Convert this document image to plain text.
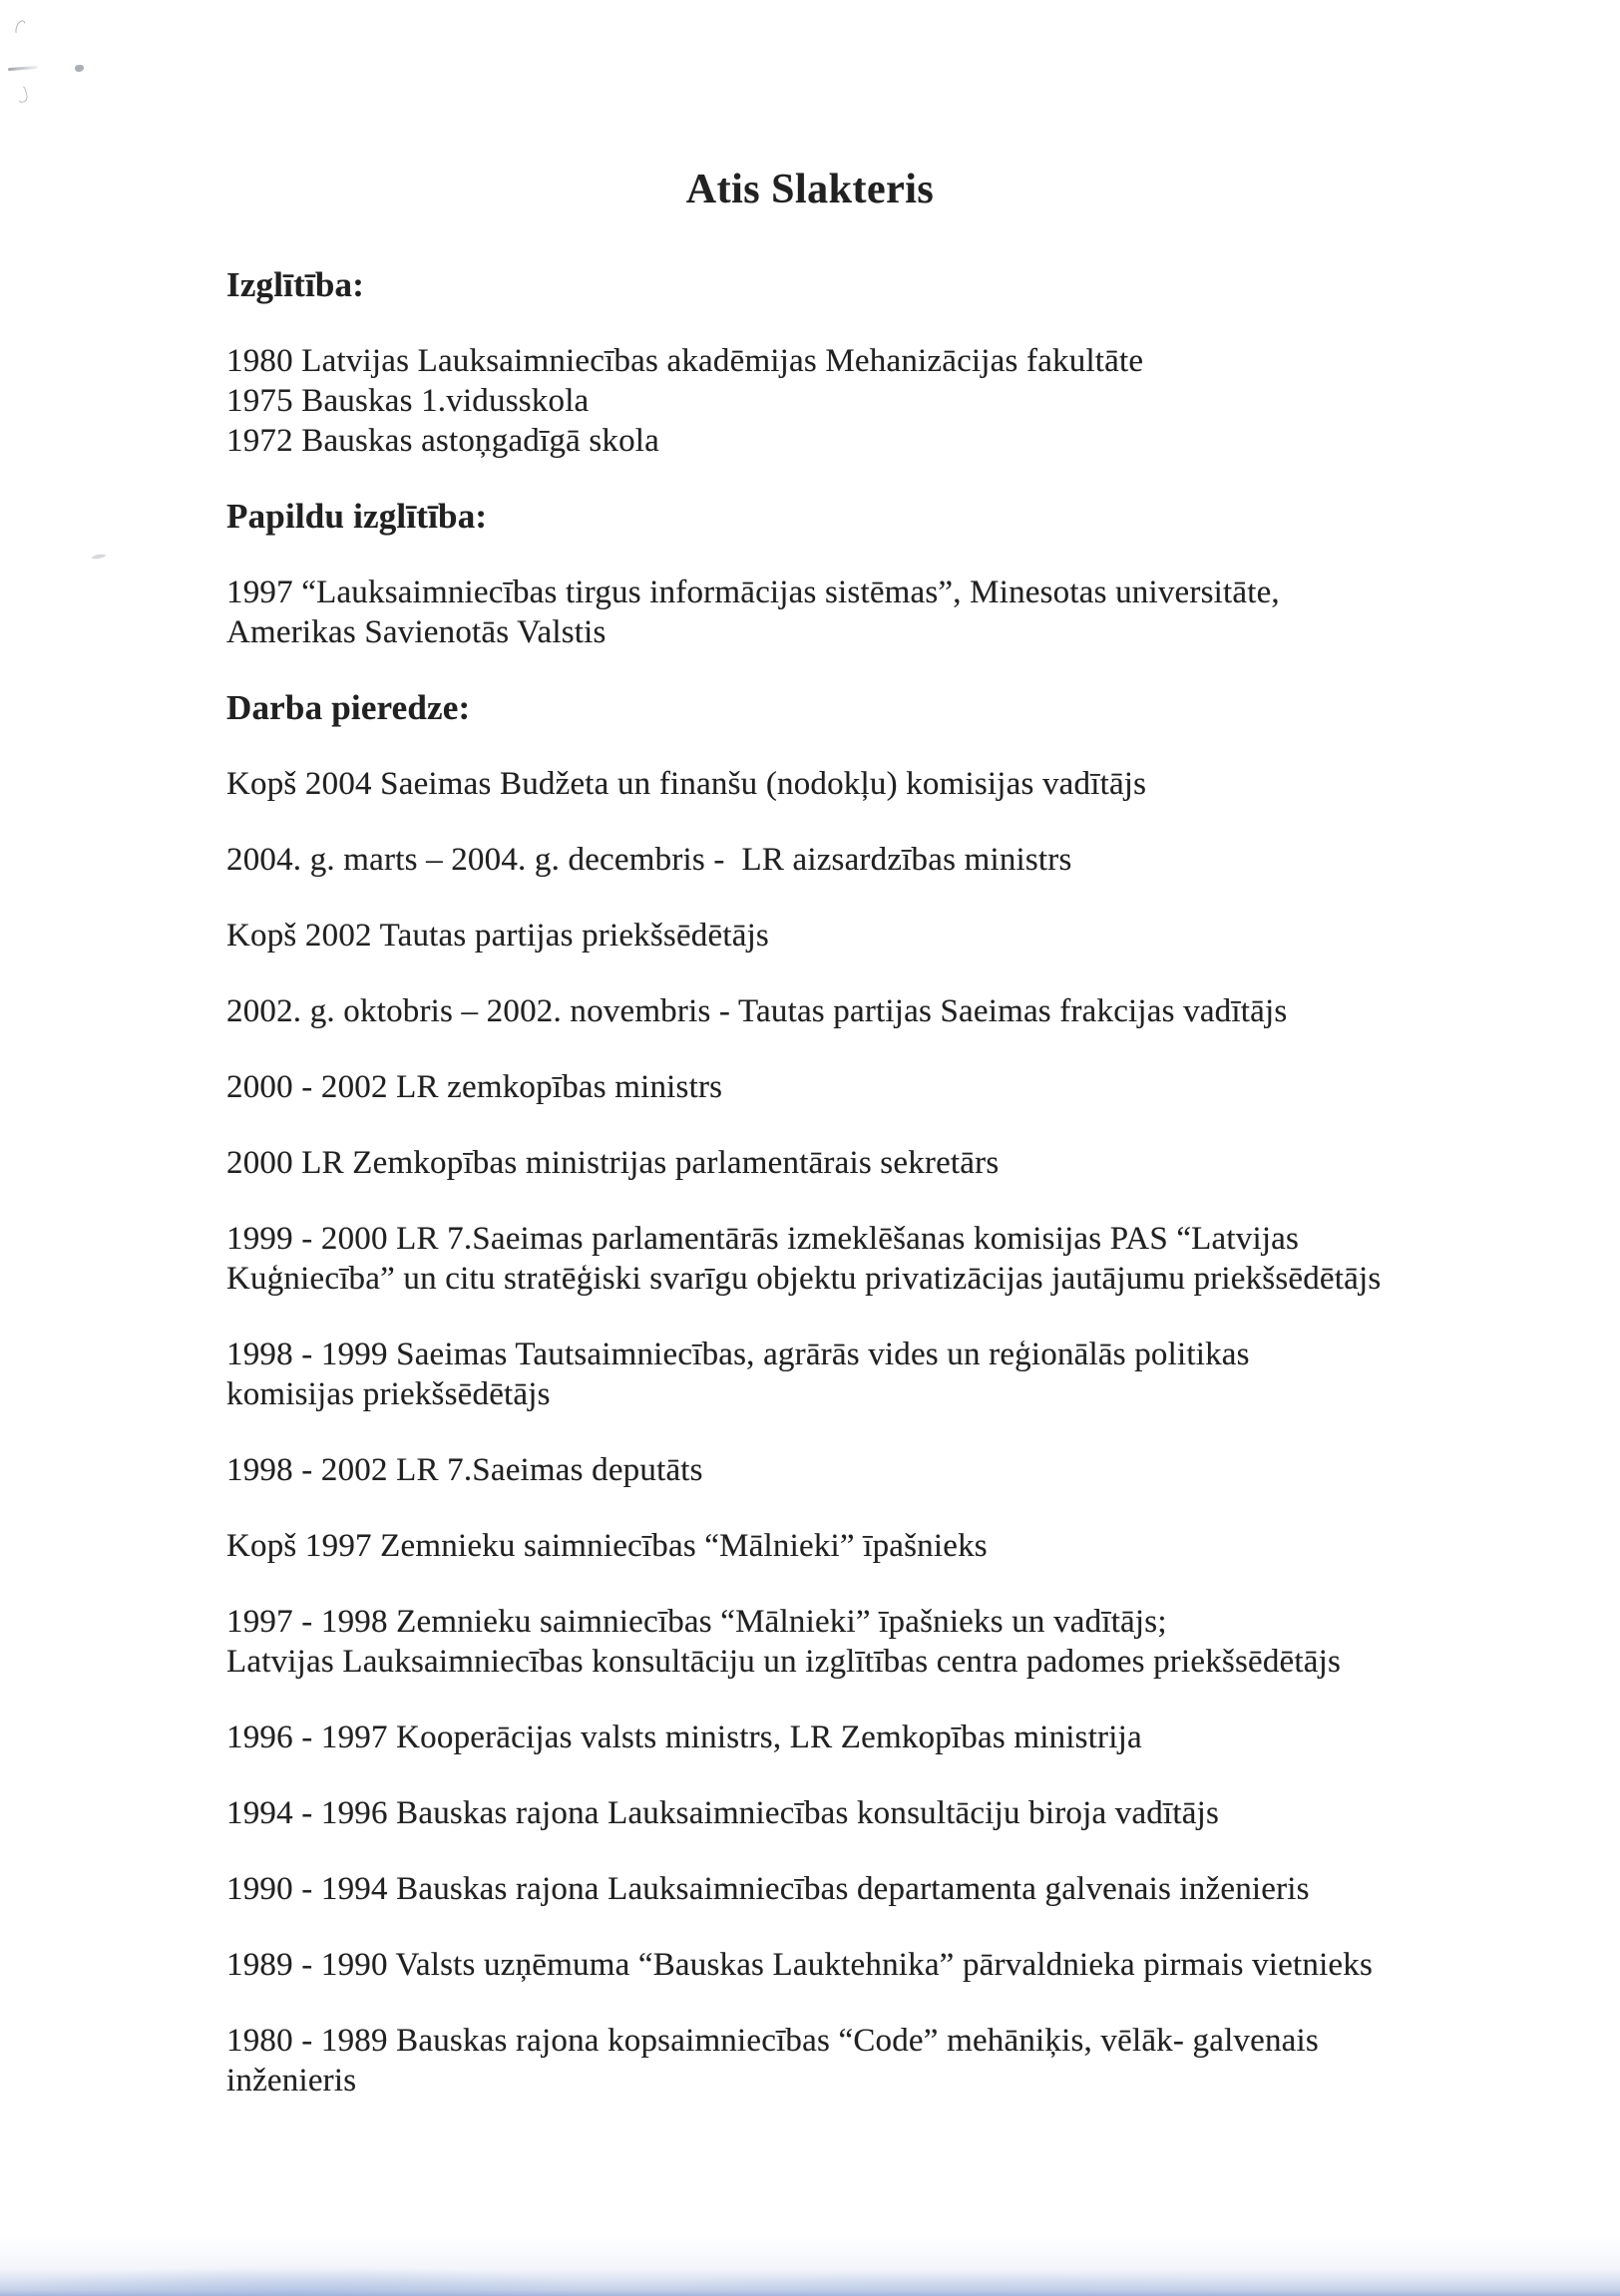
Atis Slakteris
Izglītība:
1980 Latvijas Lauksaimniecības akadēmijas Mehanizācijas fakultāte
1975 Bauskas 1.vidusskola
1972 Bauskas astoņgadīgā skola
Papildu izglītība:
1997 “Lauksaimniecības tirgus informācijas sistēmas”, Minesotas universitāte,
Amerikas Savienotās Valstis
Darba pieredze:
Kopš 2004 Saeimas Budžeta un finanšu (nodokļu) komisijas vadītājs
2004. g. marts – 2004. g. decembris -  LR aizsardzības ministrs
Kopš 2002 Tautas partijas priekšsēdētājs
2002. g. oktobris – 2002. novembris - Tautas partijas Saeimas frakcijas vadītājs
2000 - 2002 LR zemkopības ministrs
2000 LR Zemkopības ministrijas parlamentārais sekretārs
1999 - 2000 LR 7.Saeimas parlamentārās izmeklēšanas komisijas PAS “Latvijas
Kuģniecība” un citu stratēģiski svarīgu objektu privatizācijas jautājumu priekšsēdētājs
1998 - 1999 Saeimas Tautsaimniecības, agrārās vides un reģionālās politikas
komisijas priekšsēdētājs
1998 - 2002 LR 7.Saeimas deputāts
Kopš 1997 Zemnieku saimniecības “Mālnieki” īpašnieks
1997 - 1998 Zemnieku saimniecības “Mālnieki” īpašnieks un vadītājs;
Latvijas Lauksaimniecības konsultāciju un izglītības centra padomes priekšsēdētājs
1996 - 1997 Kooperācijas valsts ministrs, LR Zemkopības ministrija
1994 - 1996 Bauskas rajona Lauksaimniecības konsultāciju biroja vadītājs
1990 - 1994 Bauskas rajona Lauksaimniecības departamenta galvenais inženieris
1989 - 1990 Valsts uzņēmuma “Bauskas Lauktehnika” pārvaldnieka pirmais vietnieks
1980 - 1989 Bauskas rajona kopsaimniecības “Code” mehāniķis, vēlāk- galvenais
inženieris
